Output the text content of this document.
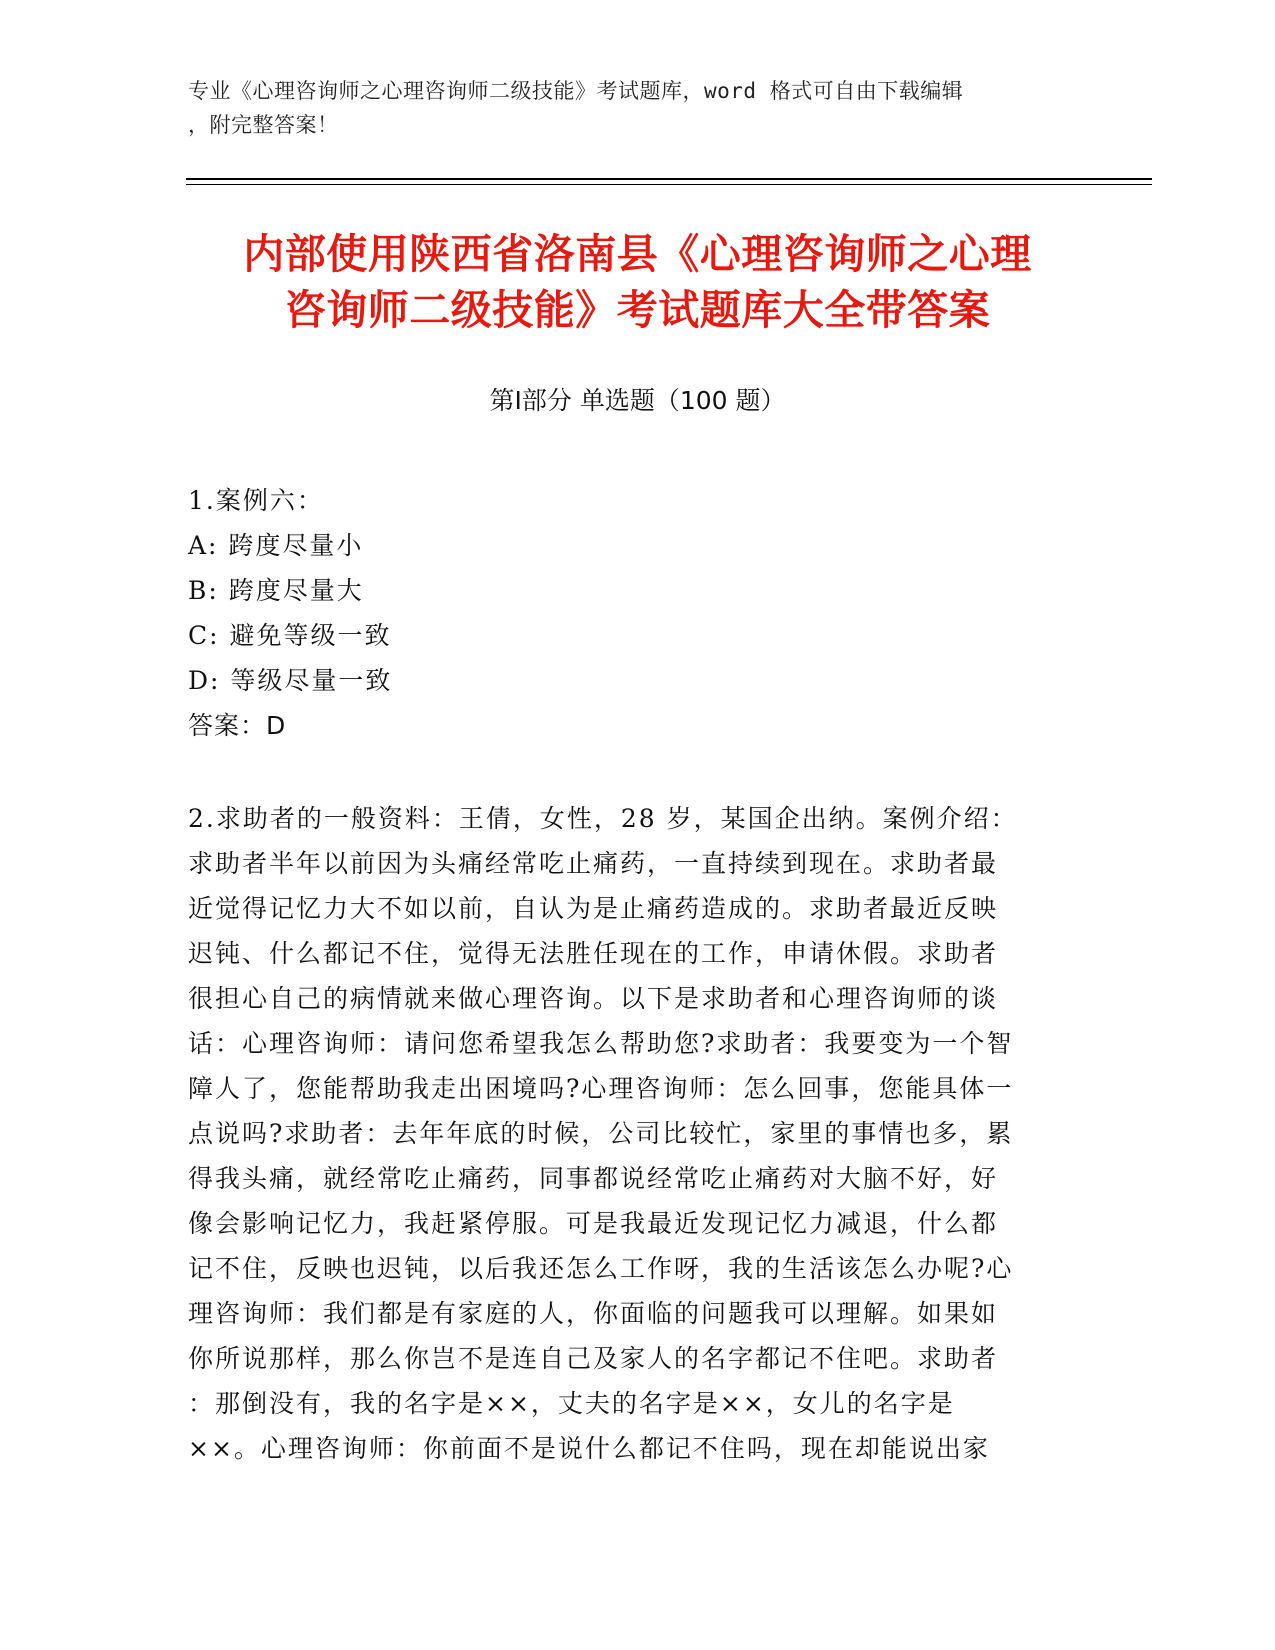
专业《心理咨询师之心理咨询师二级技能》考试题库，word 格式可自由下载编辑
，附完整答案！
内部使用陕西省洛南县《心理咨询师之心理
咨询师二级技能》考试题库大全带答案
第Ⅰ部分 单选题（100 题）
1.案例六：
A: 跨度尽量小
B: 跨度尽量大
C: 避免等级一致
D: 等级尽量一致
答案：D
2.求助者的一般资料：王倩，女性，28 岁，某国企出纳。案例介绍：
求助者半年以前因为头痛经常吃止痛药，一直持续到现在。求助者最
近觉得记忆力大不如以前，自认为是止痛药造成的。求助者最近反映
迟钝、什么都记不住，觉得无法胜任现在的工作，申请休假。求助者
很担心自己的病情就来做心理咨询。以下是求助者和心理咨询师的谈
话：心理咨询师：请问您希望我怎么帮助您?求助者：我要变为一个智
障人了，您能帮助我走出困境吗?心理咨询师：怎么回事，您能具体一
点说吗?求助者：去年年底的时候，公司比较忙，家里的事情也多，累
得我头痛，就经常吃止痛药，同事都说经常吃止痛药对大脑不好，好
像会影响记忆力，我赶紧停服。可是我最近发现记忆力减退，什么都
记不住，反映也迟钝，以后我还怎么工作呀，我的生活该怎么办呢?心
理咨询师：我们都是有家庭的人，你面临的问题我可以理解。如果如
你所说那样，那么你岂不是连自己及家人的名字都记不住吧。求助者
：那倒没有，我的名字是××，丈夫的名字是××，女儿的名字是
××。心理咨询师：你前面不是说什么都记不住吗，现在却能说出家
